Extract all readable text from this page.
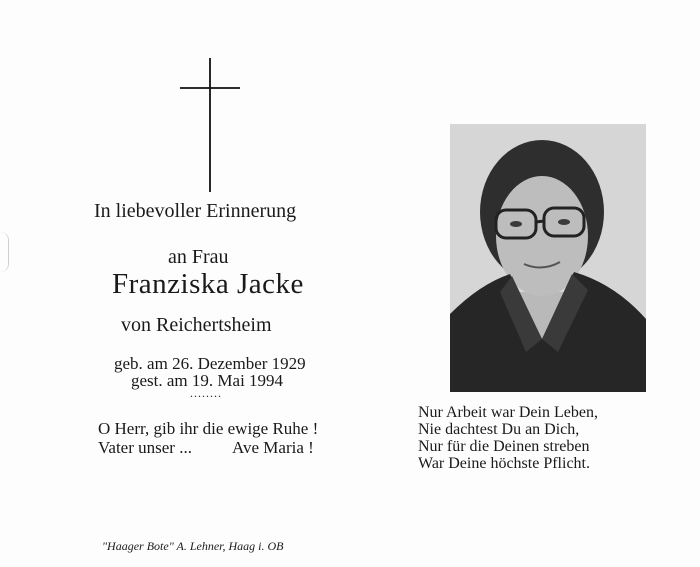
In liebevoller Erinnerung
an Frau
Franziska Jacke
von Reichertsheim
geb. am 26. Dezember 1929
gest. am 19. Mai 1994
........
O Herr, gib ihr die ewige Ruhe !
Vater unser ... Ave Maria !
"Haager Bote" A. Lehner, Haag i. OB
Nur Arbeit war Dein Leben,
Nie dachtest Du an Dich,
Nur für die Deinen streben
War Deine höchste Pflicht.
